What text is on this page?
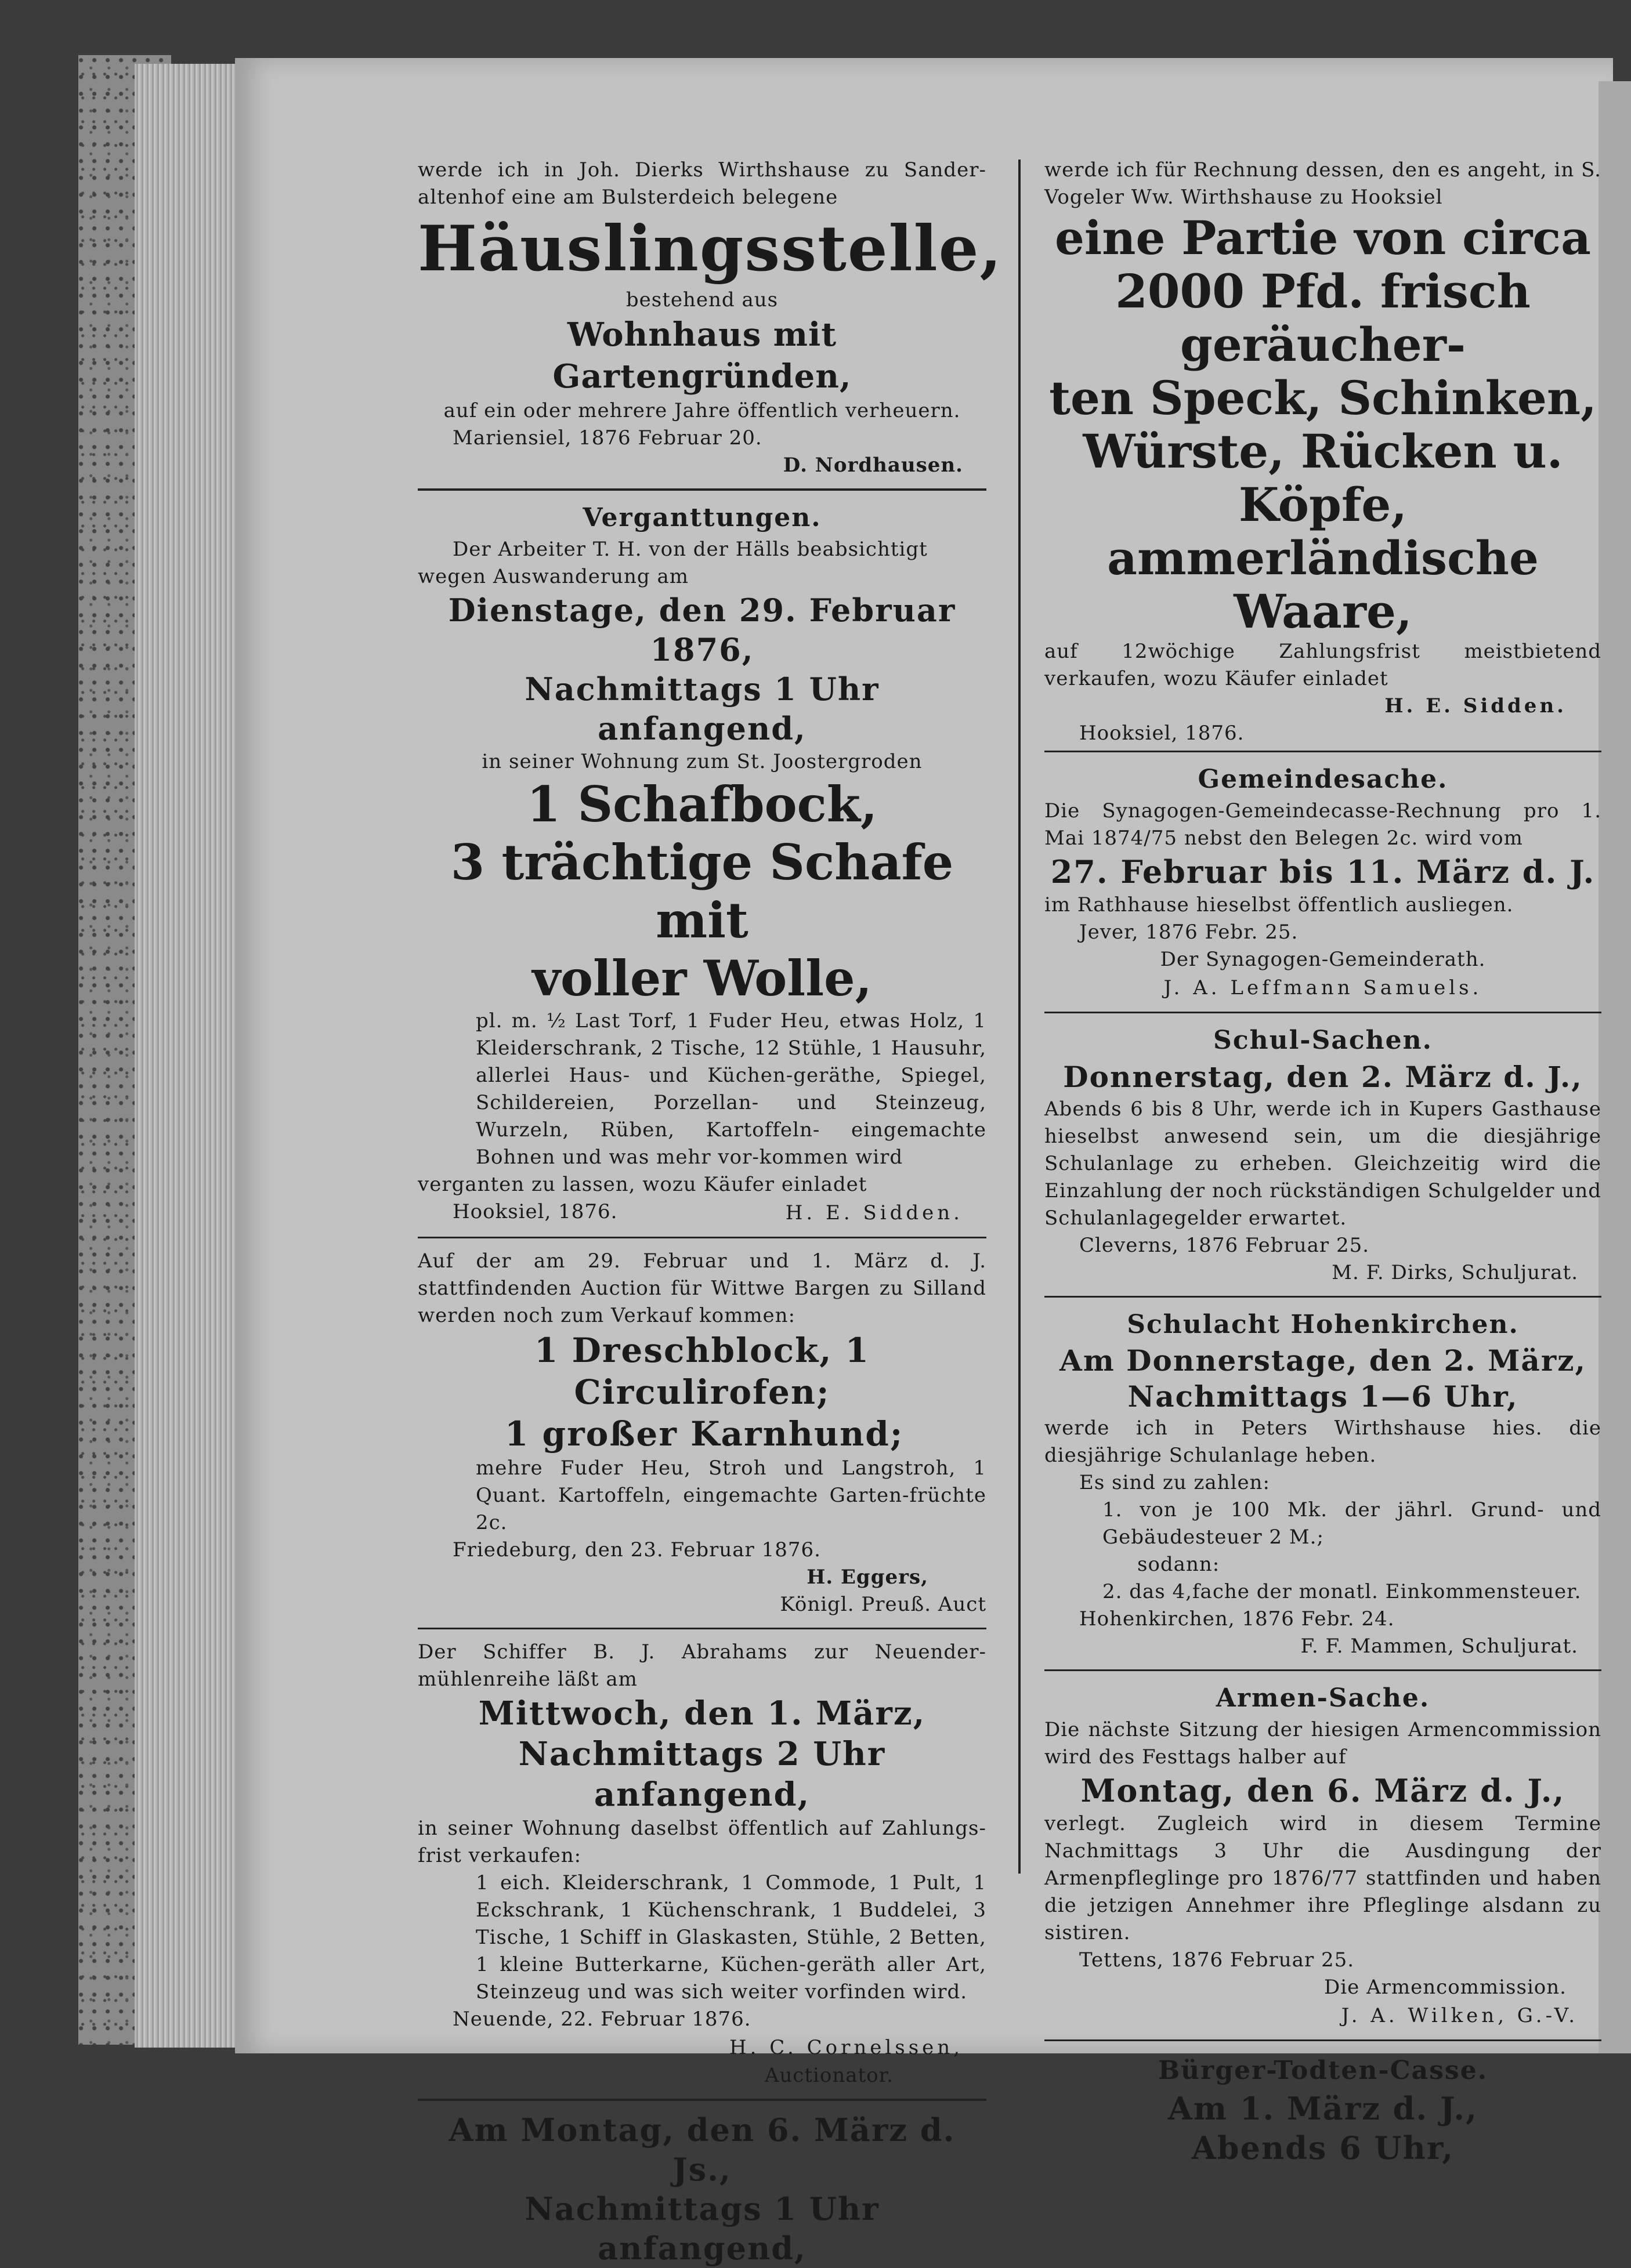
werde ich in Joh. Dierks Wirthshause zu Sander-altenhof eine am Bulsterdeich belegene

Häuslingsstelle,

bestehend aus

Wohnhaus mit Gartengründen,

auf ein oder mehrere Jahre öffentlich verheuern.

Mariensiel, 1876 Februar 20.

D. Nordhausen.

Verganttungen.

Der Arbeiter T. H. von der Hälls beabsichtigt

wegen Auswanderung am

Dienstage, den 29. Februar 1876,

Nachmittags 1 Uhr anfangend,

in seiner Wohnung zum St. Joostergroden

1 Schafbock,

3 trächtige Schafe mit

voller Wolle,

pl. m. ½ Last Torf, 1 Fuder Heu, etwas Holz, 1 Kleiderschrank, 2 Tische, 12 Stühle, 1 Hausuhr, allerlei Haus- und Küchen-geräthe, Spiegel, Schildereien, Porzellan- und Steinzeug, Wurzeln, Rüben, Kartoffeln- eingemachte Bohnen und was mehr vor-kommen wird

verganten zu lassen, wozu Käufer einladet

Hooksiel, 1876.	H. E. Sidden.

Auf der am 29. Februar und 1. März d. J. stattfindenden Auction für Wittwe Bargen zu Silland werden noch zum Verkauf kommen:

1 Dreschblock, 1 Circulirofen;

1 großer Karnhund;

mehre Fuder Heu, Stroh und Langstroh, 1 Quant. Kartoffeln, eingemachte Garten-früchte 2c.

Friedeburg, den 23. Februar 1876.

H. Eggers,

Königl. Preuß. Auct

Der Schiffer B. J. Abrahams zur Neuender-mühlenreihe läßt am

Mittwoch, den 1. März,

Nachmittags 2 Uhr anfangend,

in seiner Wohnung daselbst öffentlich auf Zahlungs-frist verkaufen:

1 eich. Kleiderschrank, 1 Commode, 1 Pult, 1 Eckschrank, 1 Küchenschrank, 1 Buddelei, 3 Tische, 1 Schiff in Glaskasten, Stühle, 2 Betten, 1 kleine Butterkarne, Küchen-geräth aller Art, Steinzeug und was sich weiter vorfinden wird.

Neuende, 22. Februar 1876.

H. C. Cornelssen,

Auctionator.

Am Montag, den 6. März d. Js.,

Nachmittags 1 Uhr anfangend,

werde ich für Rechnung dessen, den es angeht, in S. Vogeler Ww. Wirthshause zu Hooksiel

eine Partie von circa

2000 Pfd. frisch geräucher-

ten Speck, Schinken,

Würste, Rücken u. Köpfe,

ammerländische Waare,

auf 12wöchige Zahlungsfrist meistbietend verkaufen, wozu Käufer einladet

H. E. Sidden.

Hooksiel, 1876.

Gemeindesache.

Die Synagogen-Gemeindecasse-Rechnung pro 1. Mai 1874/75 nebst den Belegen 2c. wird vom

27. Februar bis 11. März d. J.

im Rathhause hieselbst öffentlich ausliegen.

Jever, 1876 Febr. 25.

Der Synagogen-Gemeinderath.

J. A. Leffmann Samuels.

Schul-Sachen.

Donnerstag, den 2. März d. J.,

Abends 6 bis 8 Uhr, werde ich in Kupers Gasthause hieselbst anwesend sein, um die diesjährige Schulanlage zu erheben. Gleichzeitig wird die Einzahlung der noch rückständigen Schulgelder und Schulanlagegelder erwartet.

Cleverns, 1876 Februar 25.

M. F. Dirks, Schuljurat.

Schulacht Hohenkirchen.

Am Donnerstage, den 2. März,

Nachmittags 1—6 Uhr,

werde ich in Peters Wirthshause hies. die diesjährige Schulanlage heben.

Es sind zu zahlen:

1. von je 100 Mk. der jährl. Grund- und Gebäudesteuer 2 M.;

sodann:

2. das 4,fache der monatl. Einkommensteuer.

Hohenkirchen, 1876 Febr. 24.

F. F. Mammen, Schuljurat.

Armen-Sache.

Die nächste Sitzung der hiesigen Armencommission wird des Festtags halber auf

Montag, den 6. März d. J.,

verlegt. Zugleich wird in diesem Termine Nachmittags 3 Uhr die Ausdingung der Armenpfleglinge pro 1876/77 stattfinden und haben die jetzigen Annehmer ihre Pfleglinge alsdann zu sistiren.

Tettens, 1876 Februar 25.

Die Armencommission.

J. A. Wilken, G.-V.

Bürger-Todten-Casse.

Am 1. März d. J.,

Abends 6 Uhr,
